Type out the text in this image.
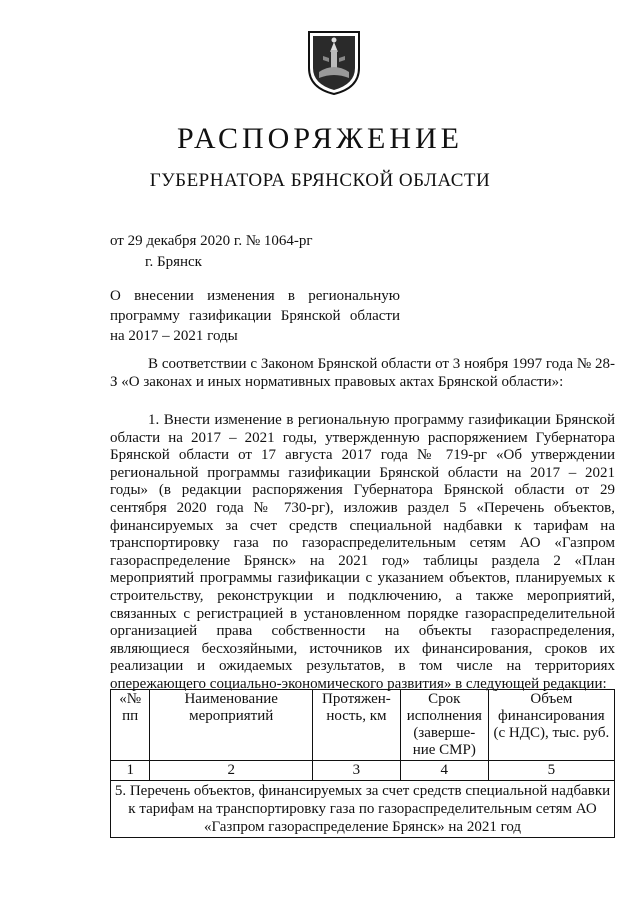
РАСПОРЯЖЕНИЕ
ГУБЕРНАТОРА БРЯНСКОЙ ОБЛАСТИ
от 29 декабря 2020 г. № 1064-рг
г. Брянск
О внесении изменения в региональную программу газификации Брянской области на 2017 – 2021 годы

В соответствии с Законом Брянской области от 3 ноября 1997 года № 28-З «О законах и иных нормативных правовых актах Брянской области»:

1. Внести изменение в региональную программу газификации Брянской области на 2017 – 2021 годы, утвержденную распоряжением Губернатора Брянской области от 17 августа 2017 года № 719-рг «Об утверждении региональной программы газификации Брянской области на 2017 – 2021 годы» (в редакции распоряжения Губернатора Брянской области от 29 сентября 2020 года № 730-рг), изложив раздел 5 «Перечень объектов, финансируемых за счет средств специальной надбавки к тарифам на транспортировку газа по газораспределительным сетям АО «Газпром газораспределение Брянск» на 2021 год» таблицы раздела 2 «План мероприятий программы газификации с указанием объектов, планируемых к строительству, реконструкции и подключению, а также мероприятий, связанных с регистрацией в установленном порядке газораспределительной организацией права собственности на объекты газораспределения, являющиеся бесхозяйными, источников их финансирования, сроков их реализации и ожидаемых результатов, в том числе на территориях опережающего социально-экономического развития» в следующей редакции:

«№ пп	Наименование мероприятий	Протяжен-ность, км	Срок исполнения (заверше-ние СМР)	Объем финансирования (с НДС), тыс. руб.
1	2	3	4	5
5. Перечень объектов, финансируемых за счет средств специальной надбавки к тарифам на транспортировку газа по газораспределительным сетям АО «Газпром газораспределение Брянск» на 2021 год				
